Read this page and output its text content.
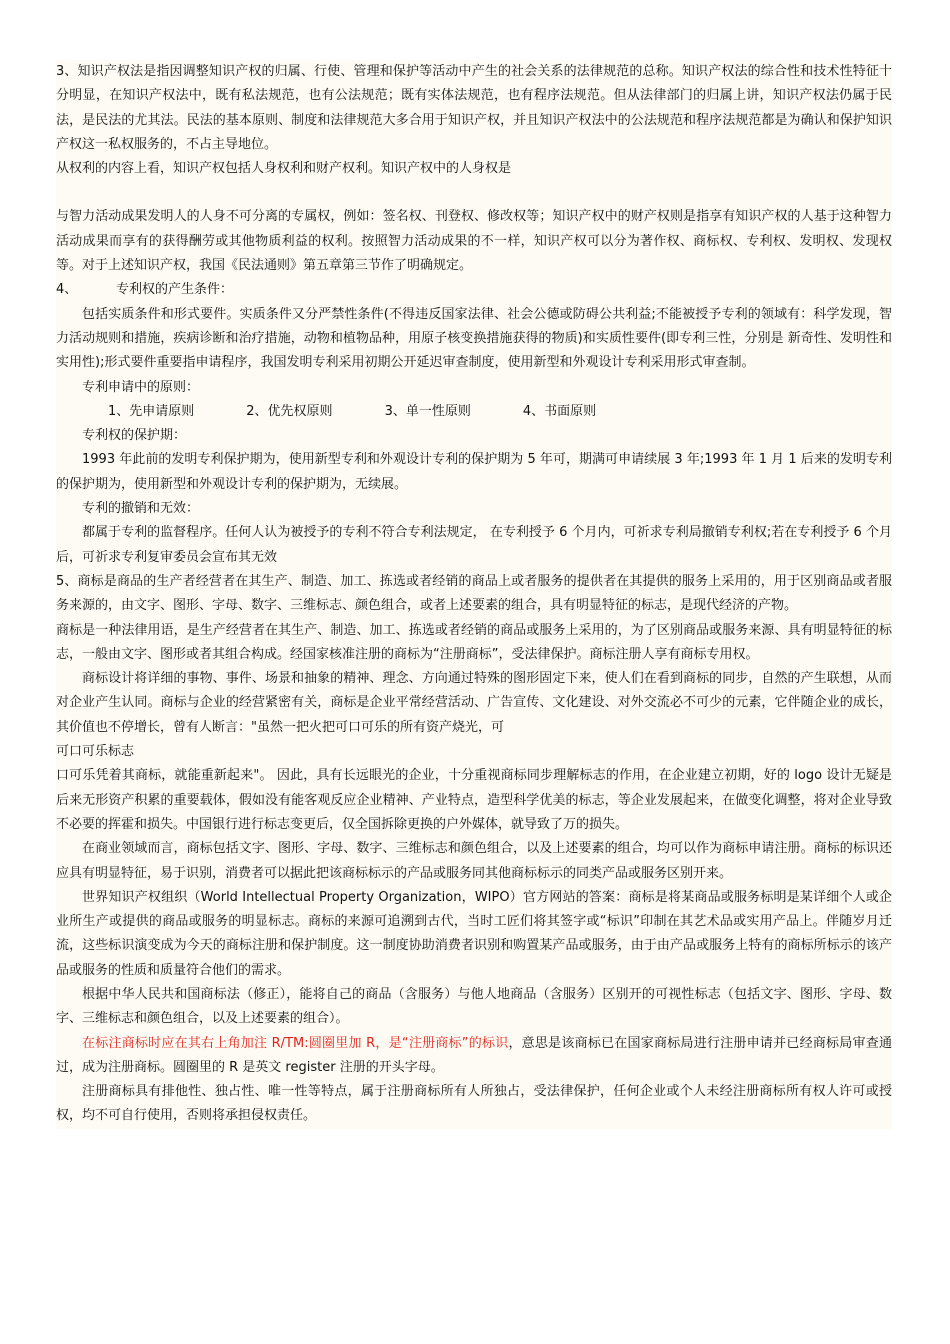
3、知识产权法是指因调整知识产权的归属、行使、管理和保护等活动中产生的社会关系的法律规范的总称。知识产权法的综合性和技术性特征十分明显，在知识产权法中，既有私法规范，也有公法规范；既有实体法规范，也有程序法规范。但从法律部门的归属上讲，知识产权法仍属于民法，是民法的尤其法。民法的基本原则、制度和法律规范大多合用于知识产权，并且知识产权法中的公法规范和程序法规范都是为确认和保护知识产权这一私权服务的，不占主导地位。

从权利的内容上看，知识产权包括人身权利和财产权利。知识产权中的人身权是

与智力活动成果发明人的人身不可分离的专属权，例如：签名权、刊登权、修改权等；知识产权中的财产权则是指享有知识产权的人基于这种智力活动成果而享有的获得酬劳或其他物质利益的权利。按照智力活动成果的不一样，知识产权可以分为著作权、商标权、专利权、发明权、发现权等。对于上述知识产权，我国《民法通则》第五章第三节作了明确规定。

4、	专利权的产生条件：

包括实质条件和形式要件。实质条件又分严禁性条件(不得违反国家法律、社会公德或防碍公共利益;不能被授予专利的领域有：科学发现，智力活动规则和措施，疾病诊断和治疗措施，动物和植物品种，用原子核变换措施获得的物质)和实质性要件(即专利三性，分别是 新奇性、发明性和实用性);形式要件重要指申请程序，我国发明专利采用初期公开延迟审查制度，使用新型和外观设计专利采用形式审查制。

专利申请中的原则：

1、先申请原则	2、优先权原则	3、单一性原则	4、书面原则

专利权的保护期：

1993 年此前的发明专利保护期为，使用新型专利和外观设计专利的保护期为 5 年可，期满可申请续展 3 年;1993 年 1 月 1 后来的发明专利的保护期为，使用新型和外观设计专利的保护期为，无续展。

专利的撤销和无效：

都属于专利的监督程序。任何人认为被授予的专利不符合专利法规定， 在专利授予 6 个月内，可祈求专利局撤销专利权;若在专利授予 6 个月后，可祈求专利复审委员会宣布其无效

5、商标是商品的生产者经营者在其生产、制造、加工、拣选或者经销的商品上或者服务的提供者在其提供的服务上采用的，用于区别商品或者服务来源的，由文字、图形、字母、数字、三维标志、颜色组合，或者上述要素的组合，具有明显特征的标志，是现代经济的产物。

商标是一种法律用语，是生产经营者在其生产、制造、加工、拣选或者经销的商品或服务上采用的，为了区别商品或服务来源、具有明显特征的标志，一般由文字、图形或者其组合构成。经国家核准注册的商标为“注册商标”，受法律保护。商标注册人享有商标专用权。

商标设计将详细的事物、事件、场景和抽象的精神、理念、方向通过特殊的图形固定下来，使人们在看到商标的同步，自然的产生联想，从而对企业产生认同。商标与企业的经营紧密有关，商标是企业平常经营活动、广告宣传、文化建设、对外交流必不可少的元素，它伴随企业的成长，其价值也不停增长，曾有人断言："虽然一把火把可口可乐的所有资产烧光，可

可口可乐标志

口可乐凭着其商标，就能重新起来"。 因此，具有长远眼光的企业，十分重视商标同步理解标志的作用，在企业建立初期，好的 logo 设计无疑是后来无形资产积累的重要载体，假如没有能客观反应企业精神、产业特点，造型科学优美的标志，等企业发展起来，在做变化调整，将对企业导致不必要的挥霍和损失。中国银行进行标志变更后，仅全国拆除更换的户外媒体，就导致了万的损失。

在商业领域而言，商标包括文字、图形、字母、数字、三维标志和颜色组合，以及上述要素的组合，均可以作为商标申请注册。商标的标识还应具有明显特征，易于识别，消费者可以据此把该商标标示的产品或服务同其他商标标示的同类产品或服务区别开来。

世界知识产权组织（World Intellectual Property Organization，WIPO）官方网站的答案：商标是将某商品或服务标明是某详细个人或企业所生产或提供的商品或服务的明显标志。商标的来源可追溯到古代，当时工匠们将其签字或“标识”印制在其艺术品或实用产品上。伴随岁月迁流，这些标识演变成为今天的商标注册和保护制度。这一制度协助消费者识别和购置某产品或服务，由于由产品或服务上特有的商标所标示的该产品或服务的性质和质量符合他们的需求。

根据中华人民共和国商标法（修正），能将自己的商品（含服务）与他人地商品（含服务）区别开的可视性标志（包括文字、图形、字母、数字、三维标志和颜色组合，以及上述要素的组合）。

在标注商标时应在其右上角加注 R/TM:圆圈里加 R，是“注册商标”的标识，意思是该商标已在国家商标局进行注册申请并已经商标局审查通过，成为注册商标。圆圈里的 R 是英文 register 注册的开头字母。

注册商标具有排他性、独占性、唯一性等特点，属于注册商标所有人所独占，受法律保护，任何企业或个人未经注册商标所有权人许可或授权，均不可自行使用，否则将承担侵权责任。
